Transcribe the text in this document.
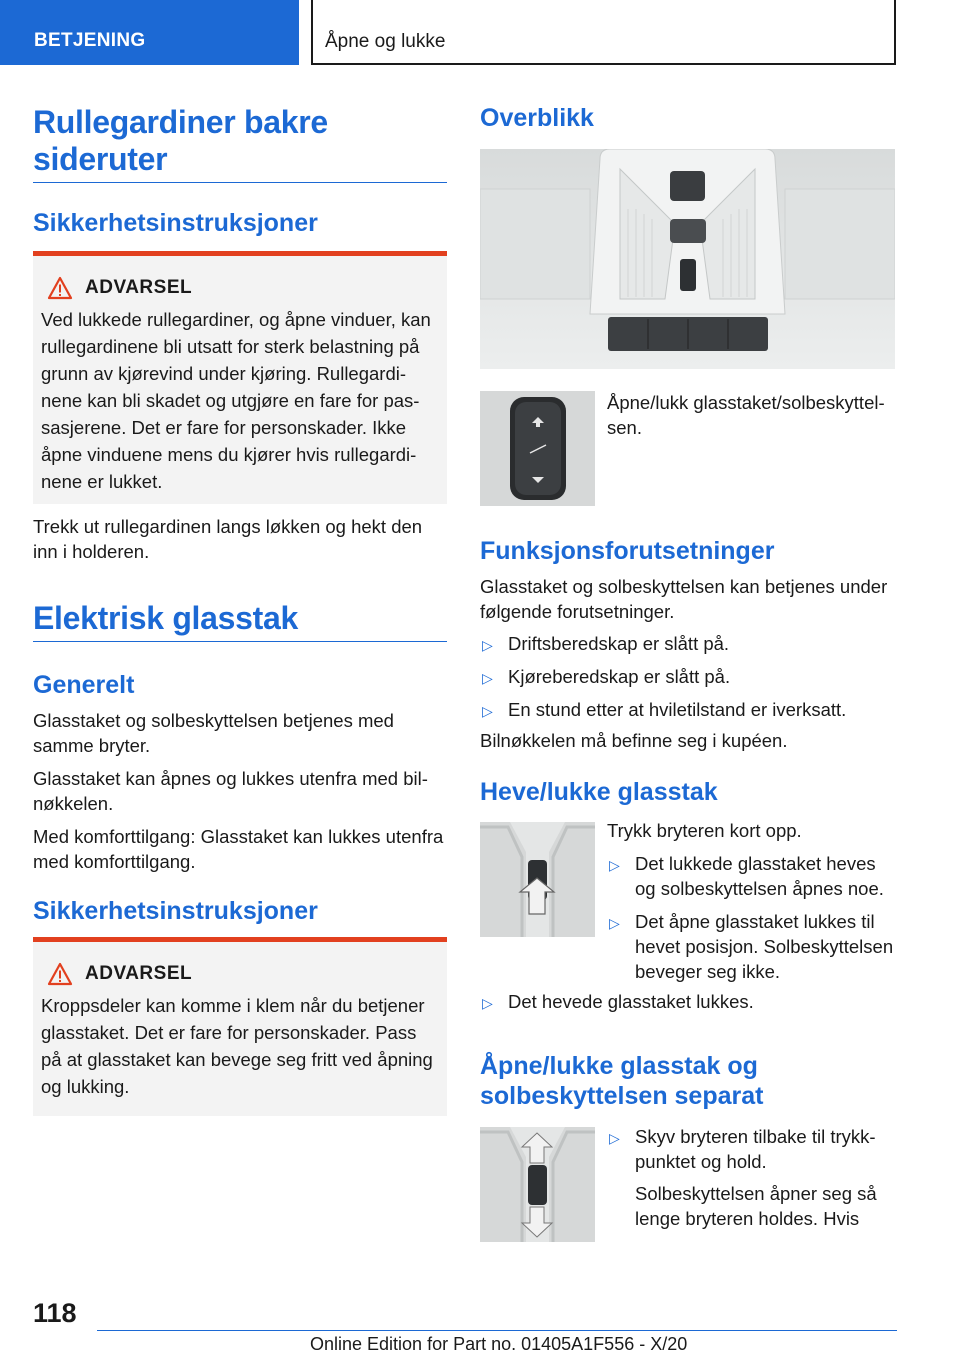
BETJENING	Åpne og lukke
Rullegardiner bakre sideruter
Sikkerhetsinstruksjoner
ADVARSEL
Ved lukkede rullegardiner, og åpne vinduer, kan rullegardinene bli utsatt for sterk belastning på grunn av kjørevind under kjøring. Rullegardinene kan bli skadet og utgjøre en fare for passasjerene. Det er fare for personskader. Ikke åpne vinduene mens du kjører hvis rullegardinene er lukket.

Trekk ut rullegardinen langs løkken og hekt den inn i holderen.

Elektrisk glasstak
Generelt

Glasstaket og solbeskyttelsen betjenes med samme bryter.

Glasstaket kan åpnes og lukkes utenfra med bilnøkkelen.

Med komforttilgang: Glasstaket kan lukkes utenfra med komforttilgang.

Sikkerhetsinstruksjoner
ADVARSEL
Kroppsdeler kan komme i klem når du betjener glasstaket. Det er fare for personskader. Pass på at glasstaket kan bevege seg fritt ved åpning og lukking.
Overblikk

Åpne/lukk glasstaket/solbeskyttelsen.

Funksjonsforutsetninger

Glasstaket og solbeskyttelsen kan betjenes under følgende forutsetninger.

▷ Driftsberedskap er slått på.
▷ Kjøreberedskap er slått på.
▷ En stund etter at hviletilstand er iverksatt.

Bilnøkkelen må befinne seg i kupéen.

Heve/lukke glasstak

Trykk bryteren kort opp.

▷ Det lukkede glasstaket heves og solbeskyttelsen åpnes noe.
▷ Det åpne glasstaket lukkes til hevet posisjon. Solbeskyttelsen beveger seg ikke.
▷ Det hevede glasstaket lukkes.
Åpne/lukke glasstak og solbeskyttelsen separat
▷ Skyv bryteren tilbake til trykkpunktet og hold.

Solbeskyttelsen åpner seg så lenge bryteren holdes. Hvis

118
Online Edition for Part no. 01405A1F556 - X/20
